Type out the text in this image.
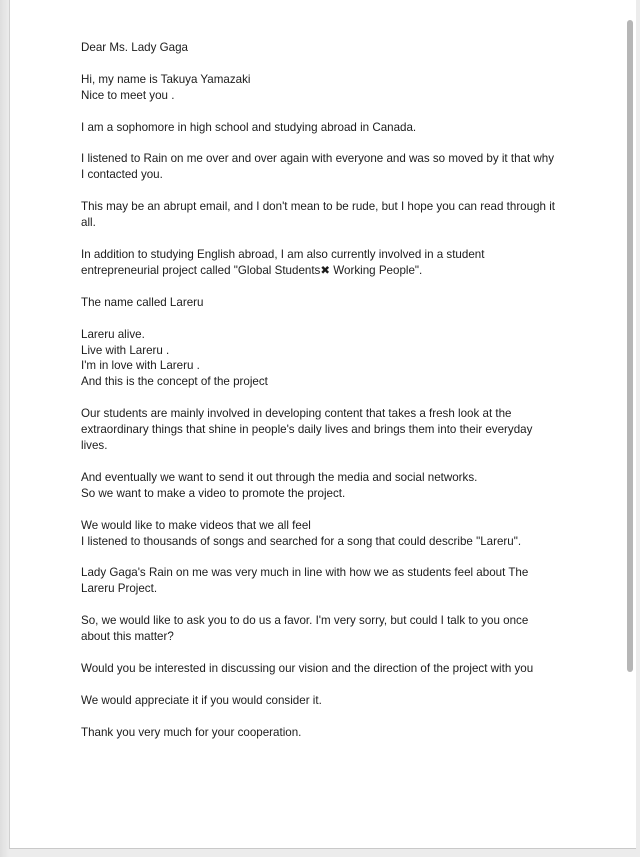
Dear Ms. Lady Gaga
Hi, my name is Takuya Yamazaki
Nice to meet you .
I am a sophomore in high school and studying abroad in Canada.
I listened to Rain on me over and over again with everyone and was so moved by it that why
I contacted you.
This may be an abrupt email, and I don't mean to be rude, but I hope you can read through it
all.
In addition to studying English abroad, I am also currently involved in a student
entrepreneurial project called "Global Students✖ Working People".
The name called Lareru
Lareru alive.
Live with Lareru .
I'm in love with Lareru .
And this is the concept of the project
Our students are mainly involved in developing content that takes a fresh look at the
extraordinary things that shine in people's daily lives and brings them into their everyday
lives.
And eventually we want to send it out through the media and social networks.
So we want to make a video to promote the project.
We would like to make videos that we all feel
I listened to thousands of songs and searched for a song that could describe "Lareru".
Lady Gaga's Rain on me was very much in line with how we as students feel about The
Lareru Project.
So, we would like to ask you to do us a favor. I'm very sorry, but could I talk to you once
about this matter?
Would you be interested in discussing our vision and the direction of the project with you
We would appreciate it if you would consider it.
Thank you very much for your cooperation.
